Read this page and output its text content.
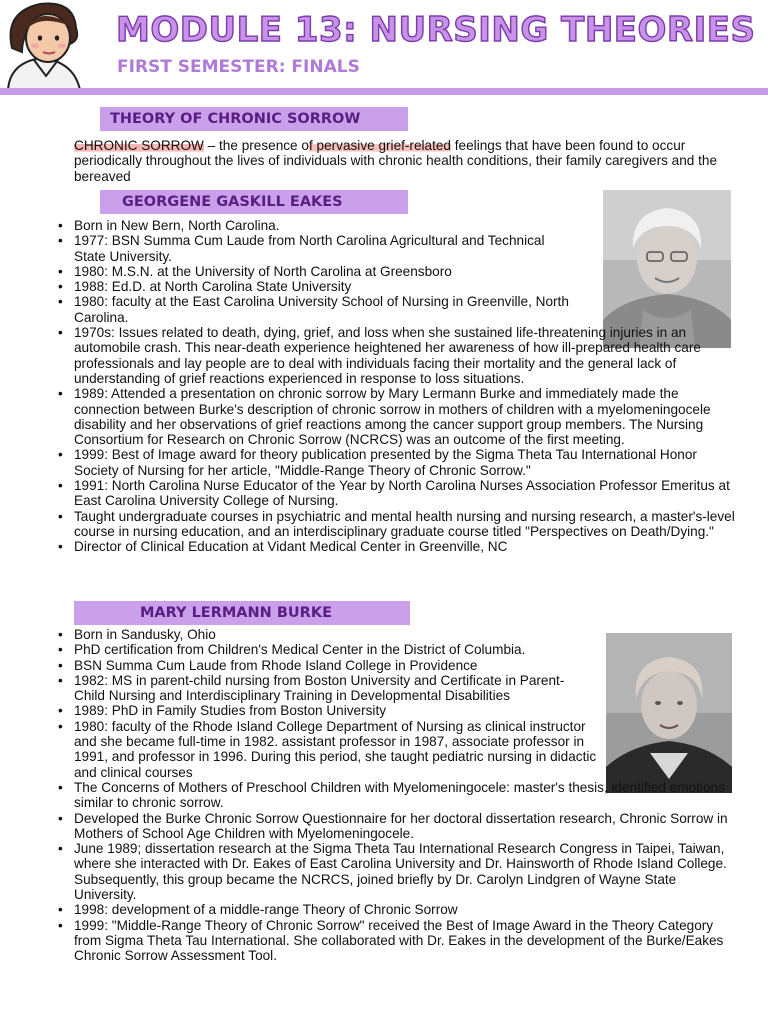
MODULE 13: NURSING THEORIES
FIRST SEMESTER: FINALS
THEORY OF CHRONIC SORROW

CHRONIC SORROW – the presence of pervasive grief-related feelings that have been found to occur periodically throughout the lives of individuals with chronic health conditions, their family caregivers and the bereaved

GEORGENE GASKILL EAKES
• Born in New Bern, North Carolina.
• 1977: BSN Summa Cum Laude from North Carolina Agricultural and Technical State University.
• 1980: M.S.N. at the University of North Carolina at Greensboro
• 1988: Ed.D. at North Carolina State University
• 1980: faculty at the East Carolina University School of Nursing in Greenville, North Carolina.
• 1970s: Issues related to death, dying, grief, and loss when she sustained life-threatening injuries in an automobile crash. This near-death experience heightened her awareness of how ill-prepared health care professionals and lay people are to deal with individuals facing their mortality and the general lack of understanding of grief reactions experienced in response to loss situations.
• 1989: Attended a presentation on chronic sorrow by Mary Lermann Burke and immediately made the connection between Burke's description of chronic sorrow in mothers of children with a myelomeningocele disability and her observations of grief reactions among the cancer support group members. The Nursing Consortium for Research on Chronic Sorrow (NCRCS) was an outcome of the first meeting.
• 1999: Best of Image award for theory publication presented by the Sigma Theta Tau International Honor Society of Nursing for her article, "Middle-Range Theory of Chronic Sorrow."
• 1991: North Carolina Nurse Educator of the Year by North Carolina Nurses Association Professor Emeritus at East Carolina University College of Nursing.
• Taught undergraduate courses in psychiatric and mental health nursing and nursing research, a master's-level course in nursing education, and an interdisciplinary graduate course titled "Perspectives on Death/Dying."
• Director of Clinical Education at Vidant Medical Center in Greenville, NC
MARY LERMANN BURKE
• Born in Sandusky, Ohio
• PhD certification from Children's Medical Center in the District of Columbia.
• BSN Summa Cum Laude from Rhode Island College in Providence
• 1982: MS in parent-child nursing from Boston University and Certificate in Parent-Child Nursing and Interdisciplinary Training in Developmental Disabilities
• 1989: PhD in Family Studies from Boston University
• 1980: faculty of the Rhode Island College Department of Nursing as clinical instructor and she became full-time in 1982. assistant professor in 1987, associate professor in 1991, and professor in 1996. During this period, she taught pediatric nursing in didactic and clinical courses
• The Concerns of Mothers of Preschool Children with Myelomeningocele: master's thesis, identified emotions similar to chronic sorrow.
• Developed the Burke Chronic Sorrow Questionnaire for her doctoral dissertation research, Chronic Sorrow in Mothers of School Age Children with Myelomeningocele.
• June 1989; dissertation research at the Sigma Theta Tau International Research Congress in Taipei, Taiwan, where she interacted with Dr. Eakes of East Carolina University and Dr. Hainsworth of Rhode Island College. Subsequently, this group became the NCRCS, joined briefly by Dr. Carolyn Lindgren of Wayne State University.
• 1998: development of a middle-range Theory of Chronic Sorrow
• 1999: "Middle-Range Theory of Chronic Sorrow" received the Best of Image Award in the Theory Category from Sigma Theta Tau International. She collaborated with Dr. Eakes in the development of the Burke/Eakes Chronic Sorrow Assessment Tool.
